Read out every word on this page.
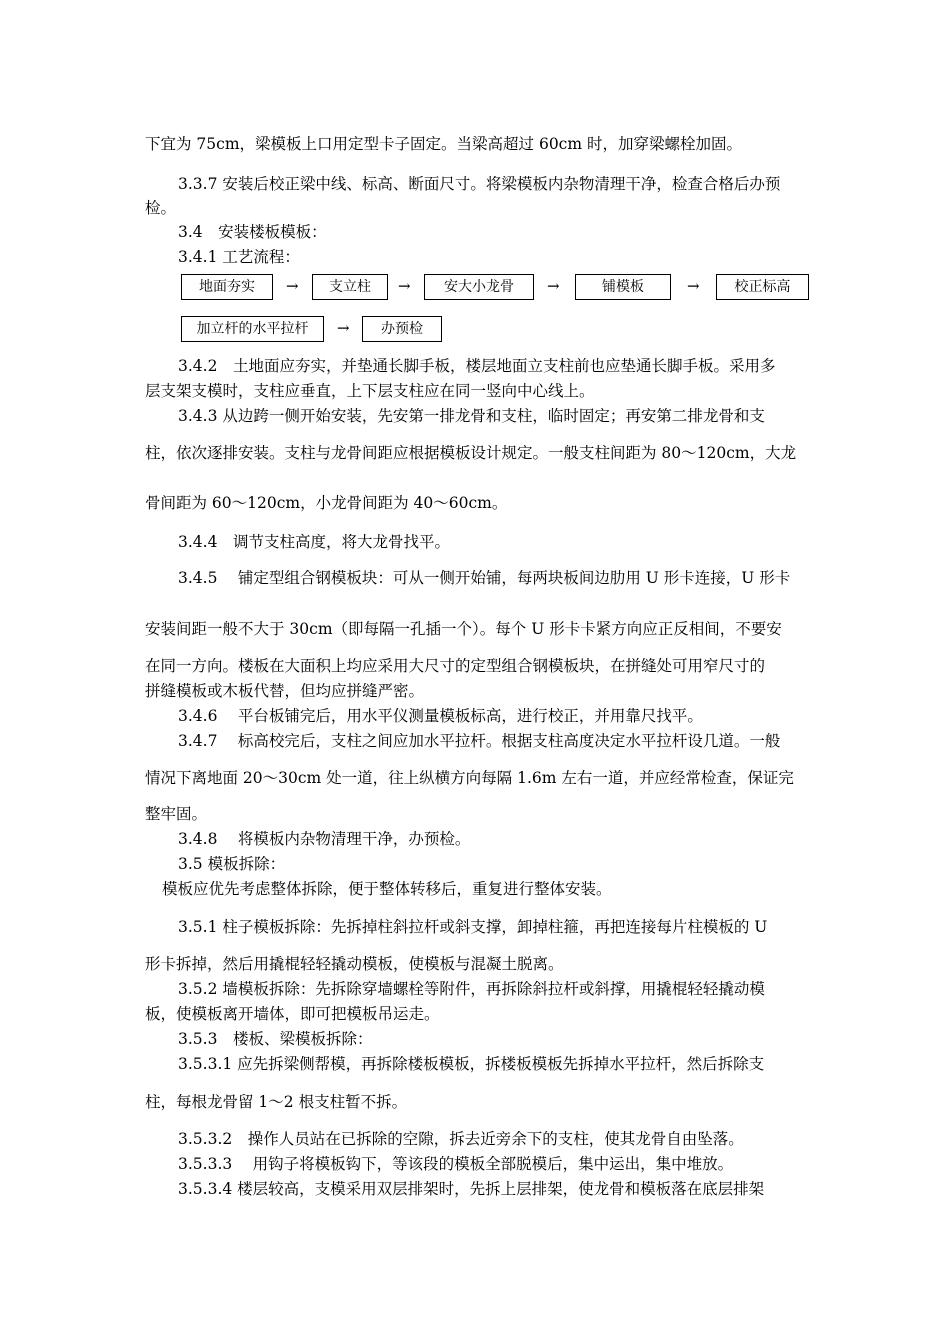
下宜为 75cm，梁模板上口用定型卡子固定。当梁高超过 60cm 时，加穿梁螺栓加固。
3.3.7 安装后校正梁中线、标高、断面尺寸。将梁模板内杂物清理干净，检查合格后办预
检。
3.4　安装楼板模板：
3.4.1 工艺流程：
地面夯实	→	支立柱	→	安大小龙骨	→	铺模板	→	校正标高
加立杆的水平拉杆	→	办预检
3.4.2　土地面应夯实，并垫通长脚手板，楼层地面立支柱前也应垫通长脚手板。采用多
层支架支模时，支柱应垂直，上下层支柱应在同一竖向中心线上。
3.4.3 从边跨一侧开始安装，先安第一排龙骨和支柱，临时固定；再安第二排龙骨和支
柱，依次逐排安装。支柱与龙骨间距应根据模板设计规定。一般支柱间距为 80～120cm，大龙
骨间距为 60～120cm，小龙骨间距为 40～60cm。
3.4.4　调节支柱高度，将大龙骨找平。
3.4.5　 铺定型组合钢模板块：可从一侧开始铺，每两块板间边肋用 U 形卡连接，U 形卡
安装间距一般不大于 30cm（即每隔一孔插一个）。每个 U 形卡卡紧方向应正反相间，不要安
在同一方向。楼板在大面积上均应采用大尺寸的定型组合钢模板块，在拼缝处可用窄尺寸的
拼缝模板或木板代替，但均应拼缝严密。
3.4.6　 平台板铺完后，用水平仪测量模板标高，进行校正，并用靠尺找平。
3.4.7　 标高校完后，支柱之间应加水平拉杆。根据支柱高度决定水平拉杆设几道。一般
情况下离地面 20～30cm 处一道，往上纵横方向每隔 1.6m 左右一道，并应经常检查，保证完
整牢固。
3.4.8　 将模板内杂物清理干净，办预检。
3.5 模板拆除：
模板应优先考虑整体拆除，便于整体转移后，重复进行整体安装。
3.5.1 柱子模板拆除：先拆掉柱斜拉杆或斜支撑，卸掉柱箍，再把连接每片柱模板的 U
形卡拆掉，然后用撬棍轻轻撬动模板，使模板与混凝土脱离。
3.5.2 墙模板拆除：先拆除穿墙螺栓等附件，再拆除斜拉杆或斜撑，用撬棍轻轻撬动模
板，使模板离开墙体，即可把模板吊运走。
3.5.3　楼板、梁模板拆除：
3.5.3.1 应先拆梁侧帮模，再拆除楼板模板，拆楼板模板先拆掉水平拉杆，然后拆除支
柱，每根龙骨留 1～2 根支柱暂不拆。
3.5.3.2　操作人员站在已拆除的空隙，拆去近旁余下的支柱，使其龙骨自由坠落。
3.5.3.3　 用钩子将模板钩下，等该段的模板全部脱模后，集中运出，集中堆放。
3.5.3.4 楼层较高，支模采用双层排架时，先拆上层排架，使龙骨和模板落在底层排架
